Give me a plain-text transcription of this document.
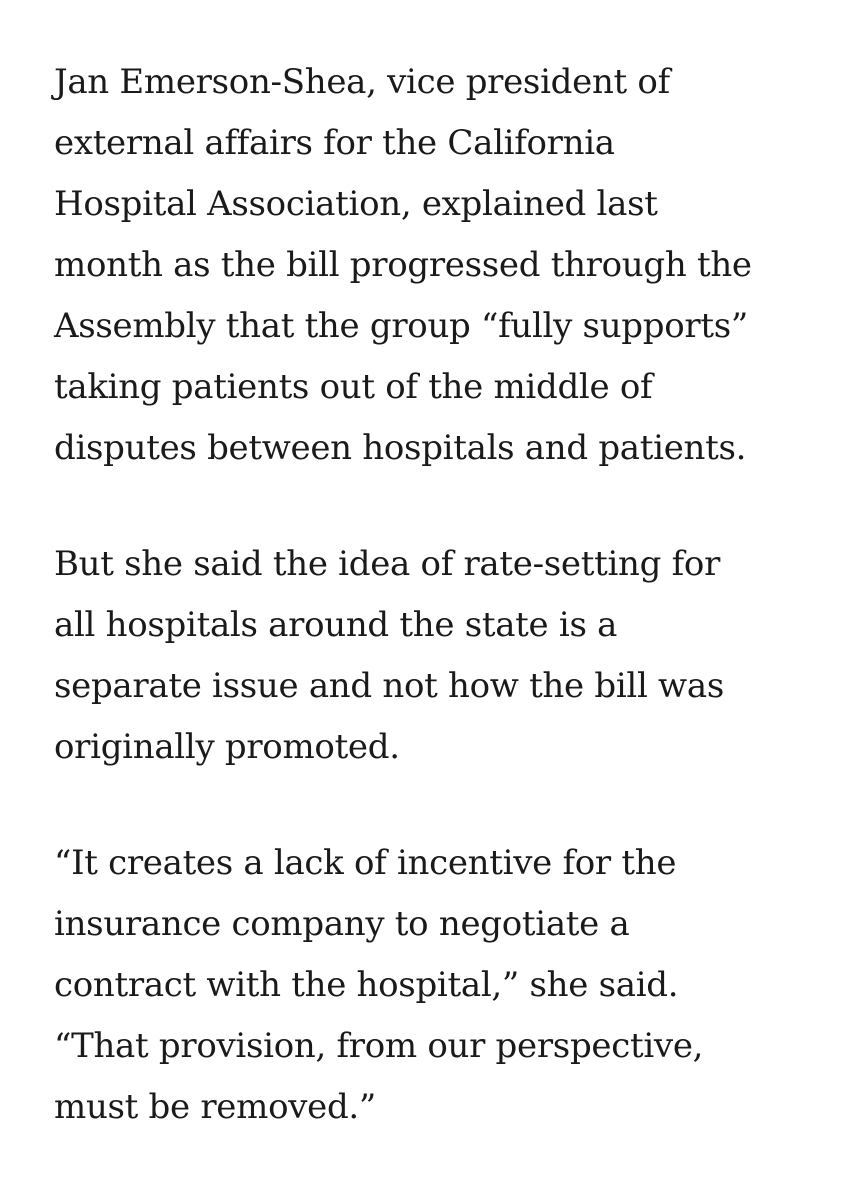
Jan Emerson-Shea, vice president of
external affairs for the California
Hospital Association, explained last
month as the bill progressed through the
Assembly that the group “fully supports”
taking patients out of the middle of
disputes between hospitals and patients.

But she said the idea of rate-setting for
all hospitals around the state is a
separate issue and not how the bill was
originally promoted.

“It creates a lack of incentive for the
insurance company to negotiate a
contract with the hospital,” she said.
“That provision, from our perspective,
must be removed.”
